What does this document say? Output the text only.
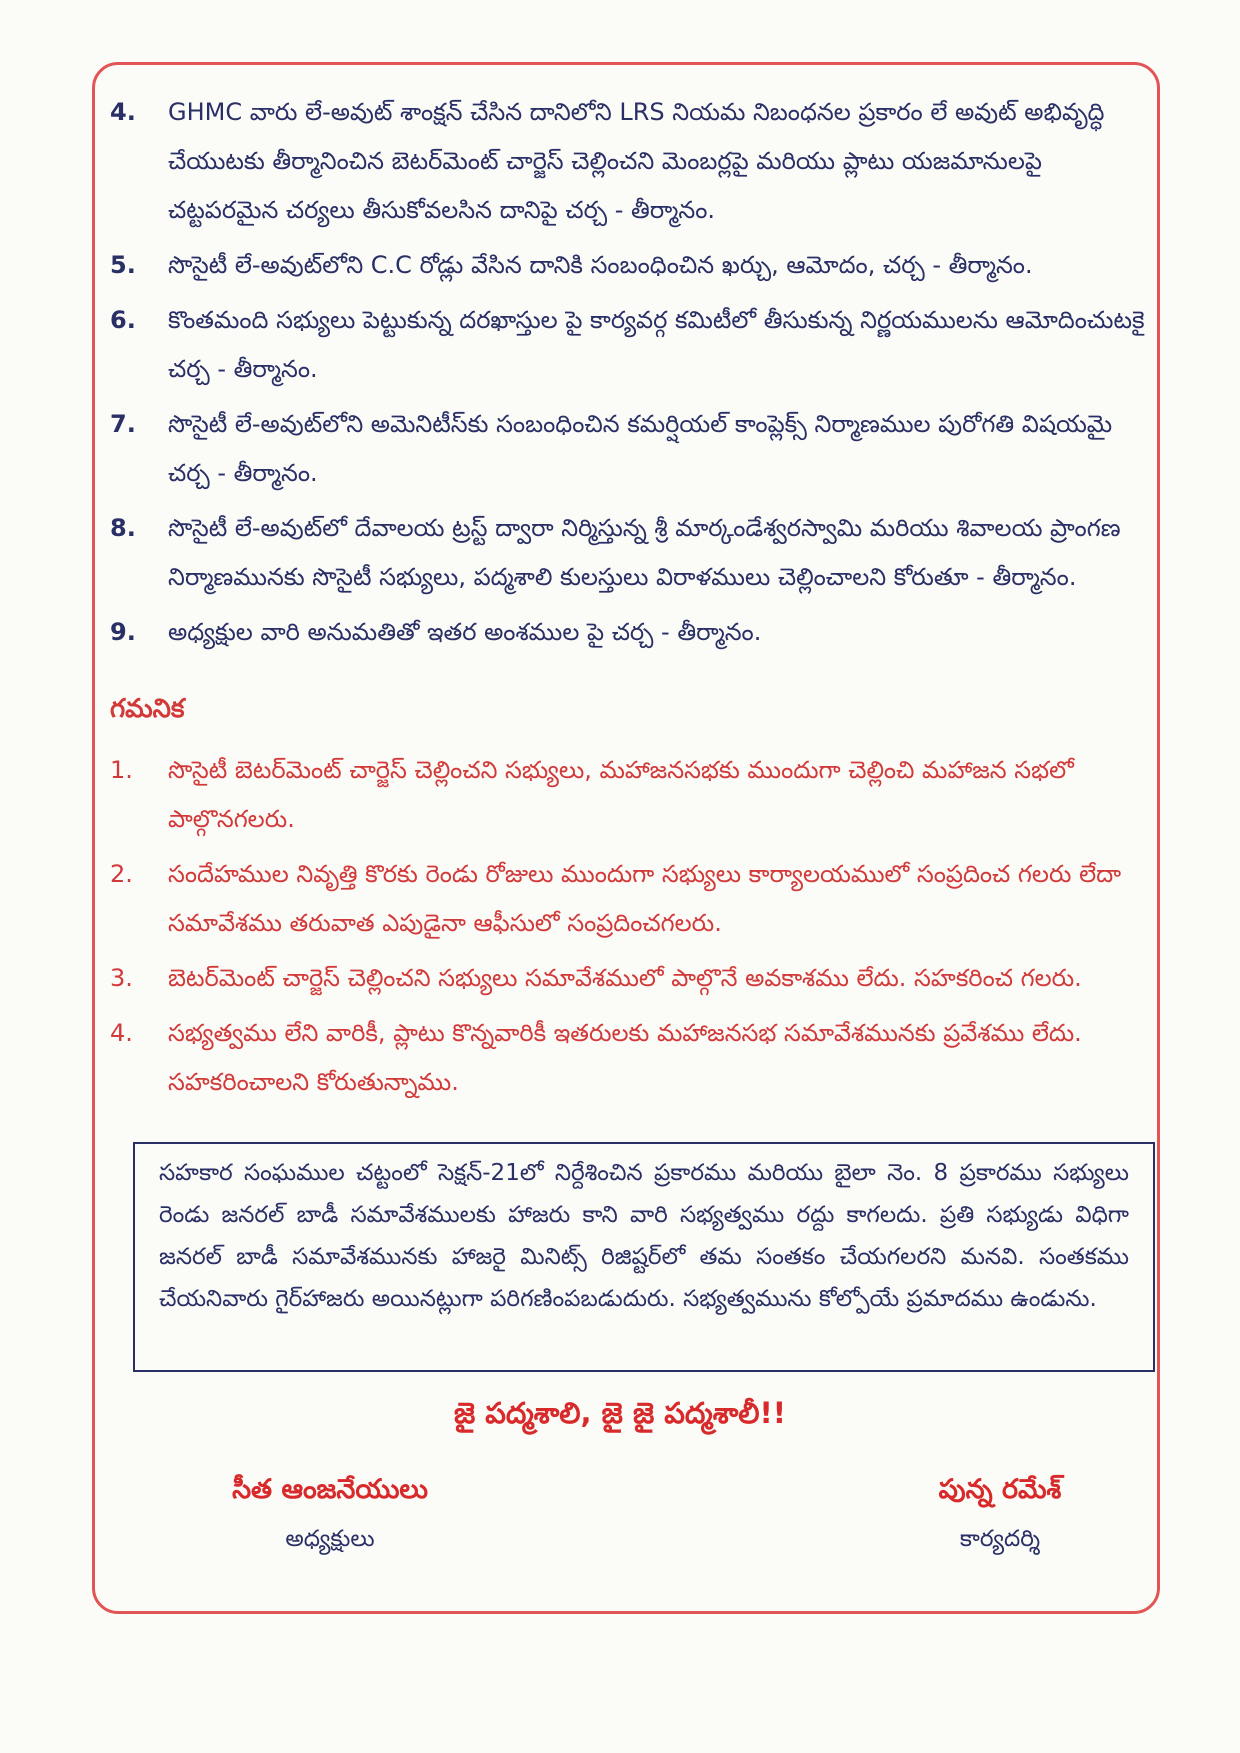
4.	GHMC వారు లే-అవుట్ శాంక్షన్ చేసిన దానిలోని LRS నియమ నిబంధనల ప్రకారం లే అవుట్ అభివృద్ధి చేయుటకు తీర్మానించిన బెటర్‌మెంట్ చార్జెస్ చెల్లించని మెంబర్లపై మరియు ప్లాటు యజమానులపై చట్టపరమైన చర్యలు తీసుకోవలసిన దానిపై చర్చ - తీర్మానం.
5.	సొసైటీ లే-అవుట్‌లోని C.C రోడ్లు వేసిన దానికి సంబంధించిన ఖర్చు, ఆమోదం, చర్చ - తీర్మానం.
6.	కొంతమంది సభ్యులు పెట్టుకున్న దరఖాస్తుల పై కార్యవర్గ కమిటీలో తీసుకున్న నిర్ణయములను ఆమోదించుటకై చర్చ - తీర్మానం.
7.	సొసైటీ లే-అవుట్‌లోని అమెనిటీస్‌కు సంబంధించిన కమర్షియల్ కాంప్లెక్స్ నిర్మాణముల పురోగతి విషయమై చర్చ - తీర్మానం.
8.	సొసైటీ లే-అవుట్‌లో దేవాలయ ట్రస్ట్ ద్వారా నిర్మిస్తున్న శ్రీ మార్కండేశ్వరస్వామి మరియు శివాలయ ప్రాంగణ నిర్మాణమునకు సొసైటీ సభ్యులు, పద్మశాలి కులస్తులు విరాళములు చెల్లించాలని కోరుతూ - తీర్మానం.
9.	అధ్యక్షుల వారి అనుమతితో ఇతర అంశముల పై చర్చ - తీర్మానం.
గమనిక
1.	సొసైటీ బెటర్‌మెంట్ చార్జెస్ చెల్లించని సభ్యులు, మహాజనసభకు ముందుగా చెల్లించి మహాజన సభలో పాల్గొనగలరు.
2.	సందేహముల నివృత్తి కొరకు రెండు రోజులు ముందుగా సభ్యులు కార్యాలయములో సంప్రదించ గలరు లేదా సమావేశము తరువాత ఎపుడైనా ఆఫీసులో సంప్రదించగలరు.
3.	బెటర్‌మెంట్ చార్జెస్ చెల్లించని సభ్యులు సమావేశములో పాల్గొనే అవకాశము లేదు. సహకరించ గలరు.
4.	సభ్యత్వము లేని వారికీ, ప్లాటు కొన్నవారికీ ఇతరులకు మహాజనసభ సమావేశమునకు ప్రవేశము లేదు. సహకరించాలని కోరుతున్నాము.

సహకార సంఘముల చట్టంలో సెక్షన్-21లో నిర్దేశించిన ప్రకారము మరియు బైలా నెం. 8 ప్రకారము సభ్యులు రెండు జనరల్ బాడీ సమావేశములకు హాజరు కాని వారి సభ్యత్వము రద్దు కాగలదు. ప్రతి సభ్యుడు విధిగా జనరల్ బాడీ సమావేశమునకు హాజరై మినిట్స్ రిజిష్టర్‌లో తమ సంతకం చేయగలరని మనవి. సంతకము చేయనివారు గైర్‌హాజరు అయినట్లుగా పరిగణింపబడుదురు. సభ్యత్వమును కోల్పోయే ప్రమాదము ఉండును.

జై పద్మశాలి, జై జై పద్మశాలీ!!
సీత ఆంజనేయులు
అధ్యక్షులు
పున్న రమేశ్
కార్యదర్శి
